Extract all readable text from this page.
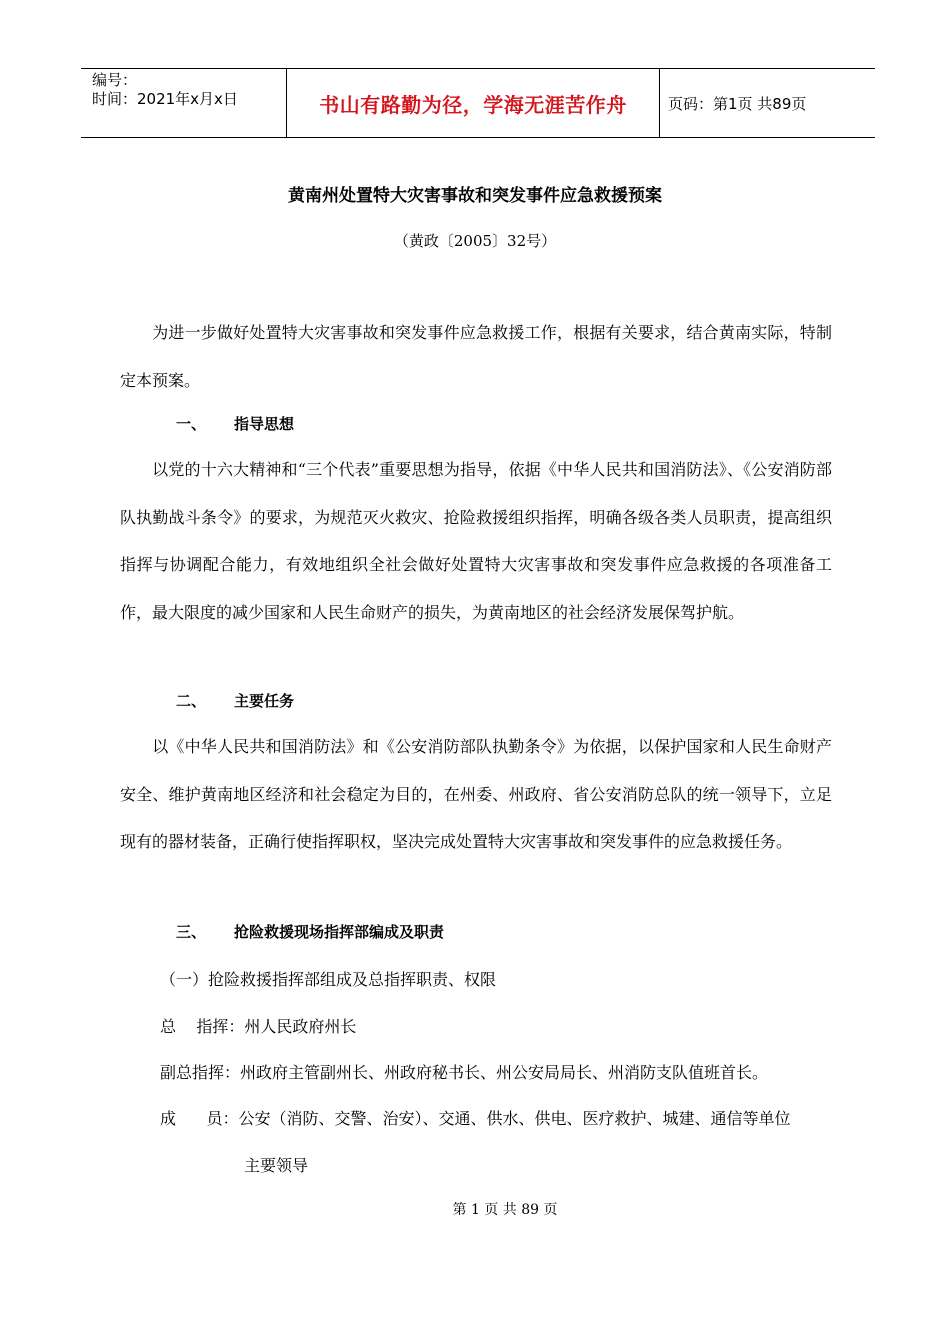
编号：
时间：2021年x月x日	书山有路勤为径，学海无涯苦作舟	页码：第1页 共89页
黄南州处置特大灾害事故和突发事件应急救援预案
（黄政〔2005〕32号）

为进一步做好处置特大灾害事故和突发事件应急救援工作，根据有关要求，结合黄南实际，特制定本预案。

一、 指导思想

以党的十六大精神和“三个代表”重要思想为指导，依据《中华人民共和国消防法》、《公安消防部队执勤战斗条令》的要求，为规范灭火救灾、抢险救援组织指挥，明确各级各类人员职责，提高组织指挥与协调配合能力，有效地组织全社会做好处置特大灾害事故和突发事件应急救援的各项准备工作，最大限度的减少国家和人民生命财产的损失，为黄南地区的社会经济发展保驾护航。

二、 主要任务

以《中华人民共和国消防法》和《公安消防部队执勤条令》为依据，以保护国家和人民生命财产安全、维护黄南地区经济和社会稳定为目的，在州委、州政府、省公安消防总队的统一领导下，立足现有的器材装备，正确行使指挥职权，坚决完成处置特大灾害事故和突发事件的应急救援任务。

三、 抢险救援现场指挥部编成及职责
（一）抢险救援指挥部组成及总指挥职责、权限
总    指挥：州人民政府州长
副总指挥：州政府主管副州长、州政府秘书长、州公安局局长、州消防支队值班首长。
成      员：公安（消防、交警、治安）、交通、供水、供电、医疗救护、城建、通信等单位
主要领导
第 1 页 共 89 页
